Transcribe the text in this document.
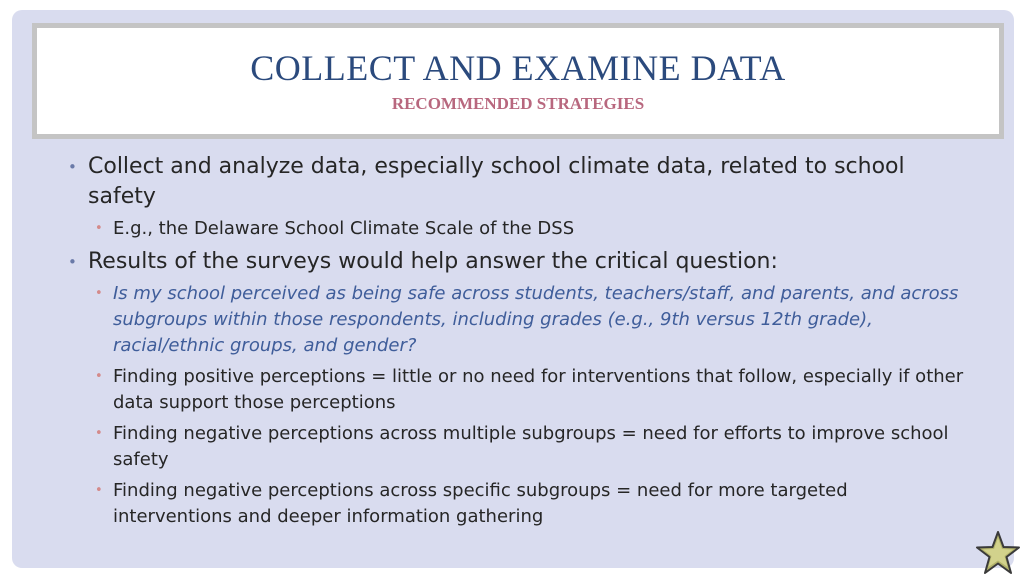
COLLECT AND EXAMINE DATA
RECOMMENDED STRATEGIES
• Collect and analyze data, especially school climate data, related to school safety
• E.g., the Delaware School Climate Scale of the DSS
• Results of the surveys would help answer the critical question:
• Is my school perceived as being safe across students, teachers/staff, and parents, and across subgroups within those respondents, including grades (e.g., 9th versus 12th grade), racial/ethnic groups, and gender?
• Finding positive perceptions = little or no need for interventions that follow, especially if other data support those perceptions
• Finding negative perceptions across multiple subgroups = need for efforts to improve school safety
• Finding negative perceptions across specific subgroups = need for more targeted interventions and deeper information gathering
